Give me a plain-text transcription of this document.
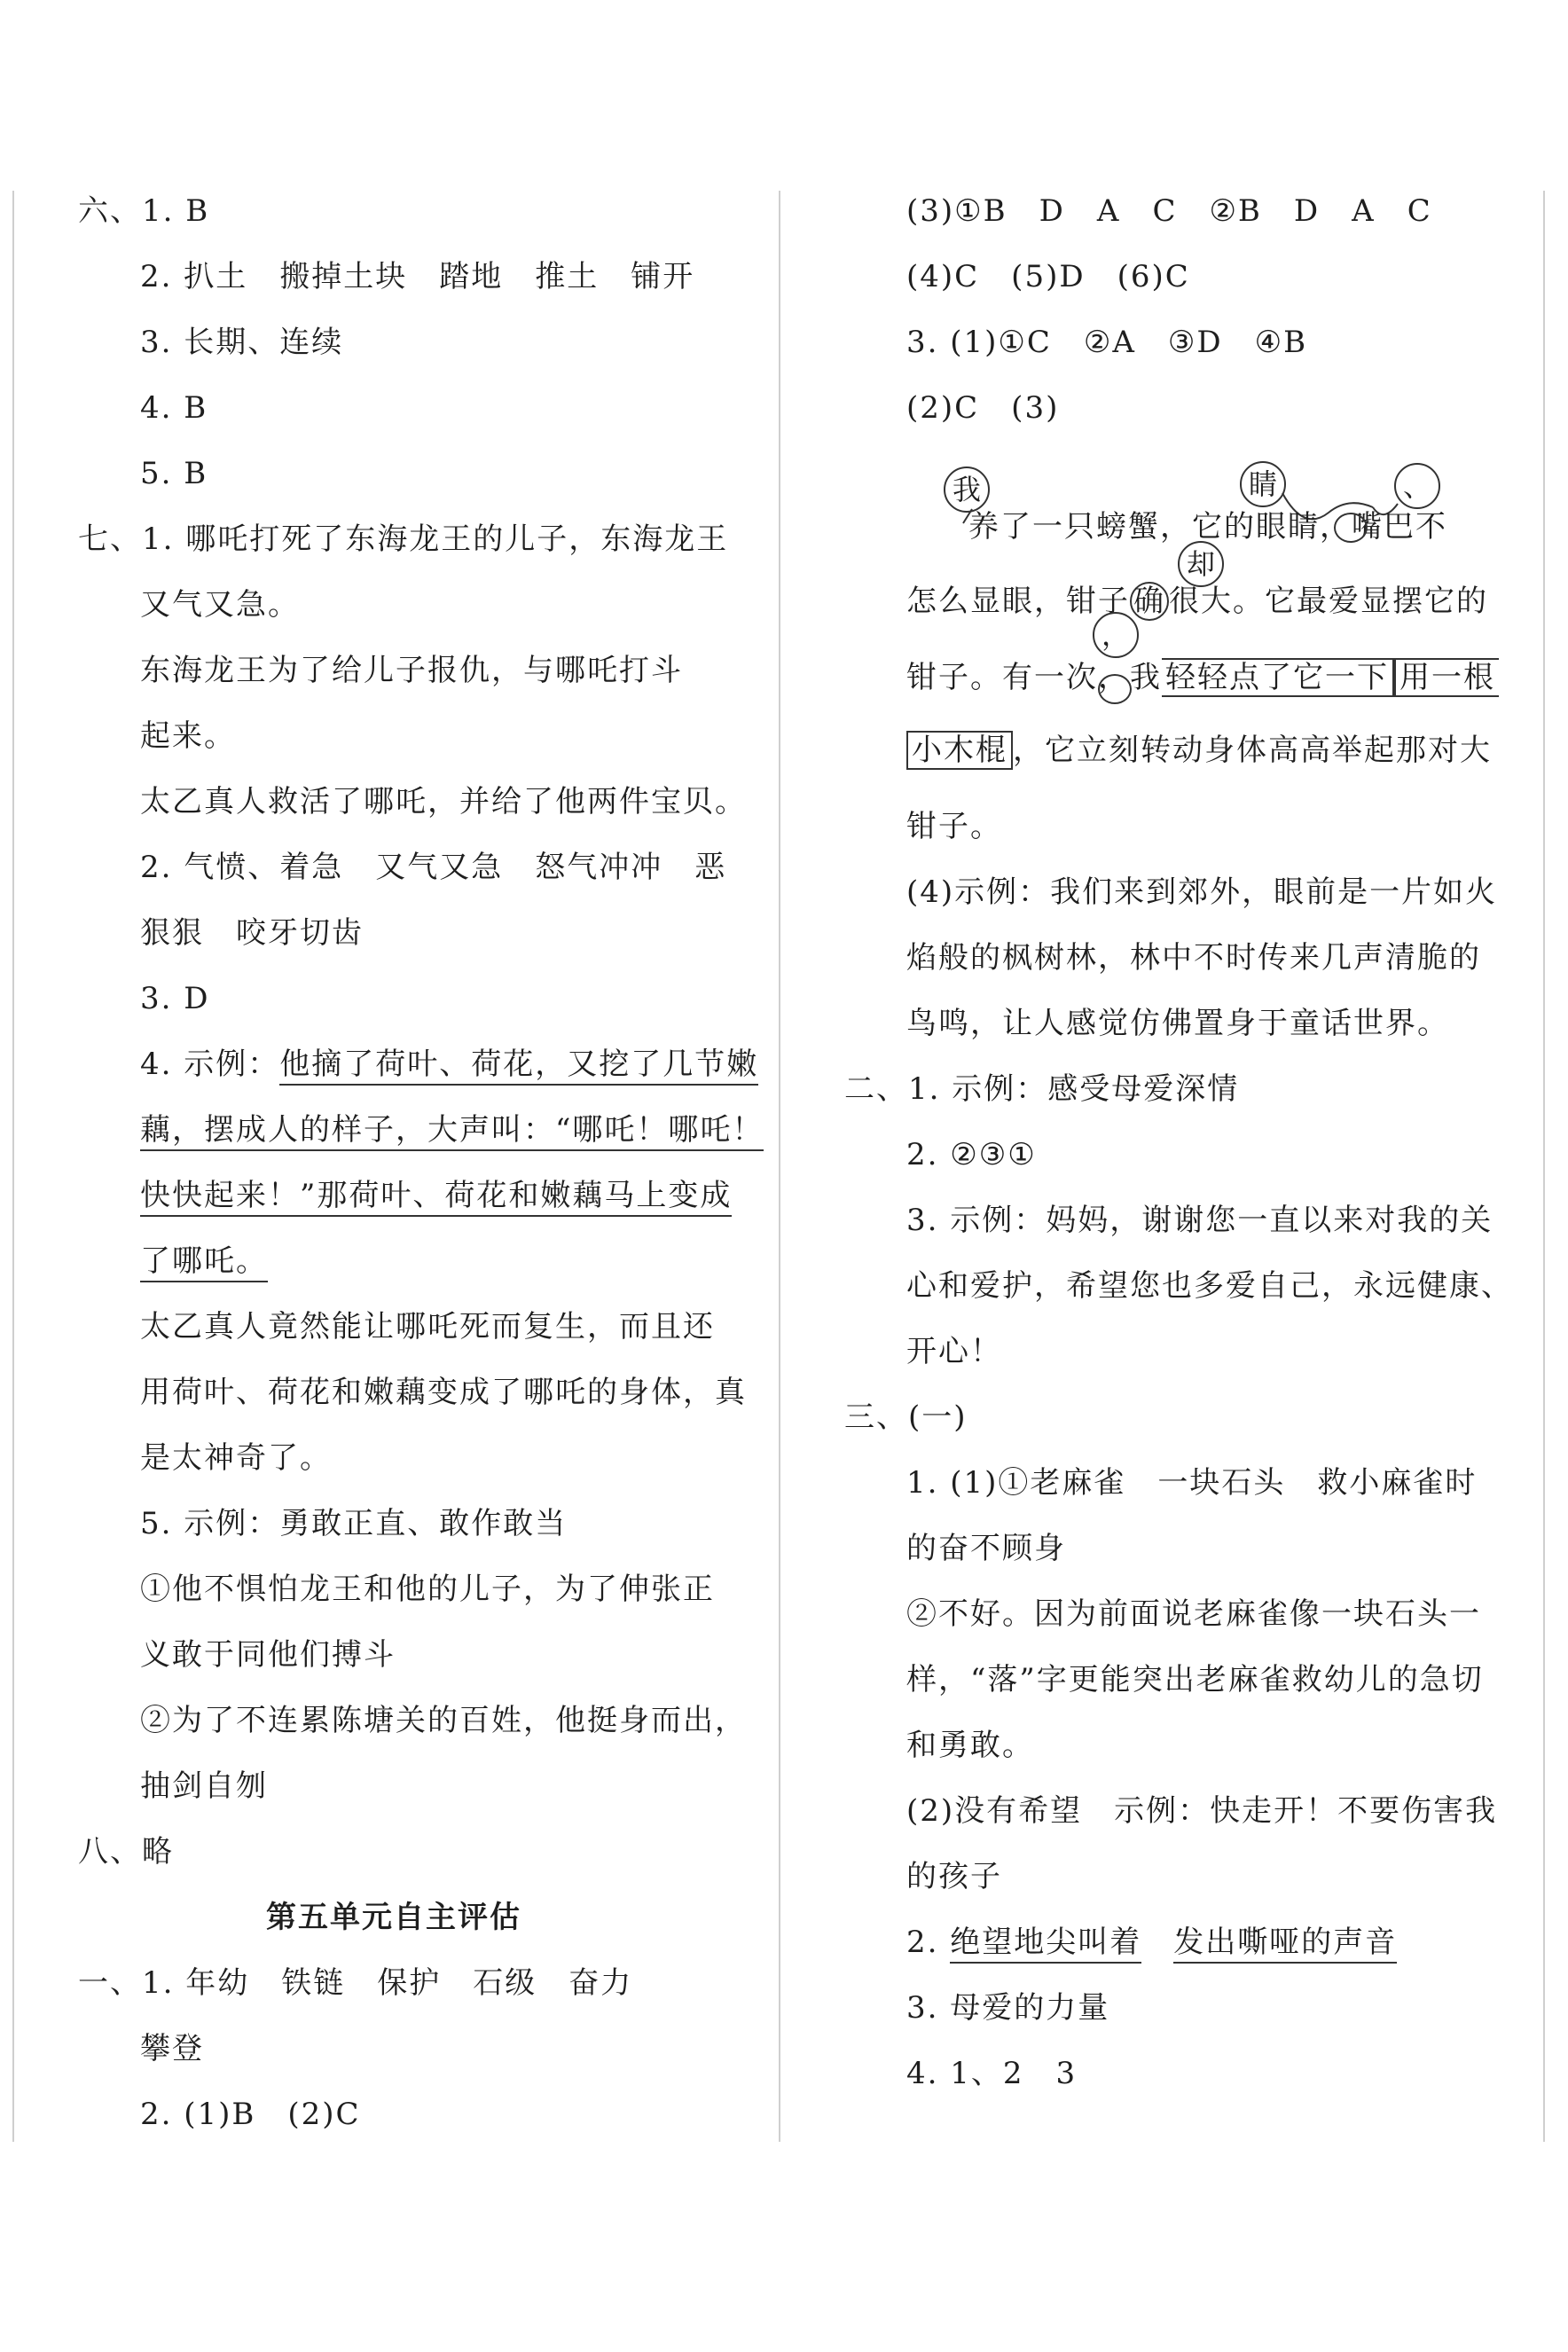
六、1. B
2. 扒土　搬掉土块　踏地　推土　铺开
3. 长期、连续
4. B
5. B
七、1. 哪吒打死了东海龙王的儿子，东海龙王
又气又急。
东海龙王为了给儿子报仇，与哪吒打斗
起来。
太乙真人救活了哪吒，并给了他两件宝贝。
2. 气愤、着急　又气又急　怒气冲冲　恶
狠狠　咬牙切齿
3. D
4. 示例：他摘了荷叶、荷花，又挖了几节嫩
藕，摆成人的样子，大声叫：“哪吒！哪吒！
快快起来！”那荷叶、荷花和嫩藕马上变成
了哪吒。
太乙真人竟然能让哪吒死而复生，而且还
用荷叶、荷花和嫩藕变成了哪吒的身体，真
是太神奇了。
5. 示例：勇敢正直、敢作敢当
①他不惧怕龙王和他的儿子，为了伸张正
义敢于同他们搏斗
②为了不连累陈塘关的百姓，他挺身而出，
抽剑自刎
八、略
第五单元自主评估
一、1. 年幼　铁链　保护　石级　奋力
攀登
2. (1)B　(2)C
(3)①B　D　A　C　②B　D　A　C
(4)C　(5)D　(6)C
3. (1)①C　②A　③D　④B
(2)C　(3)
我	睛	、
养了一只螃蟹，它的眼睛，嘴巴不
却
怎么显眼，钳子 确 很大。它最爱显摆它的
，
钳子。有一次，我 轻轻点了它一下 用一根
小木棍 ，它立刻转动身体高高举起那对大
钳子。
(4)示例：我们来到郊外，眼前是一片如火
焰般的枫树林，林中不时传来几声清脆的
鸟鸣，让人感觉仿佛置身于童话世界。
二、1. 示例：感受母爱深情
2. ②③①
3. 示例：妈妈，谢谢您一直以来对我的关
心和爱护，希望您也多爱自己，永远健康、
开心！
三、(一)
1. (1)①老麻雀　一块石头　救小麻雀时
的奋不顾身
②不好。因为前面说老麻雀像一块石头一
样，“落”字更能突出老麻雀救幼儿的急切
和勇敢。
(2)没有希望　示例：快走开！不要伤害我
的孩子
2. 绝望地尖叫着 发出嘶哑的声音
3. 母爱的力量
4. 1、2　3
